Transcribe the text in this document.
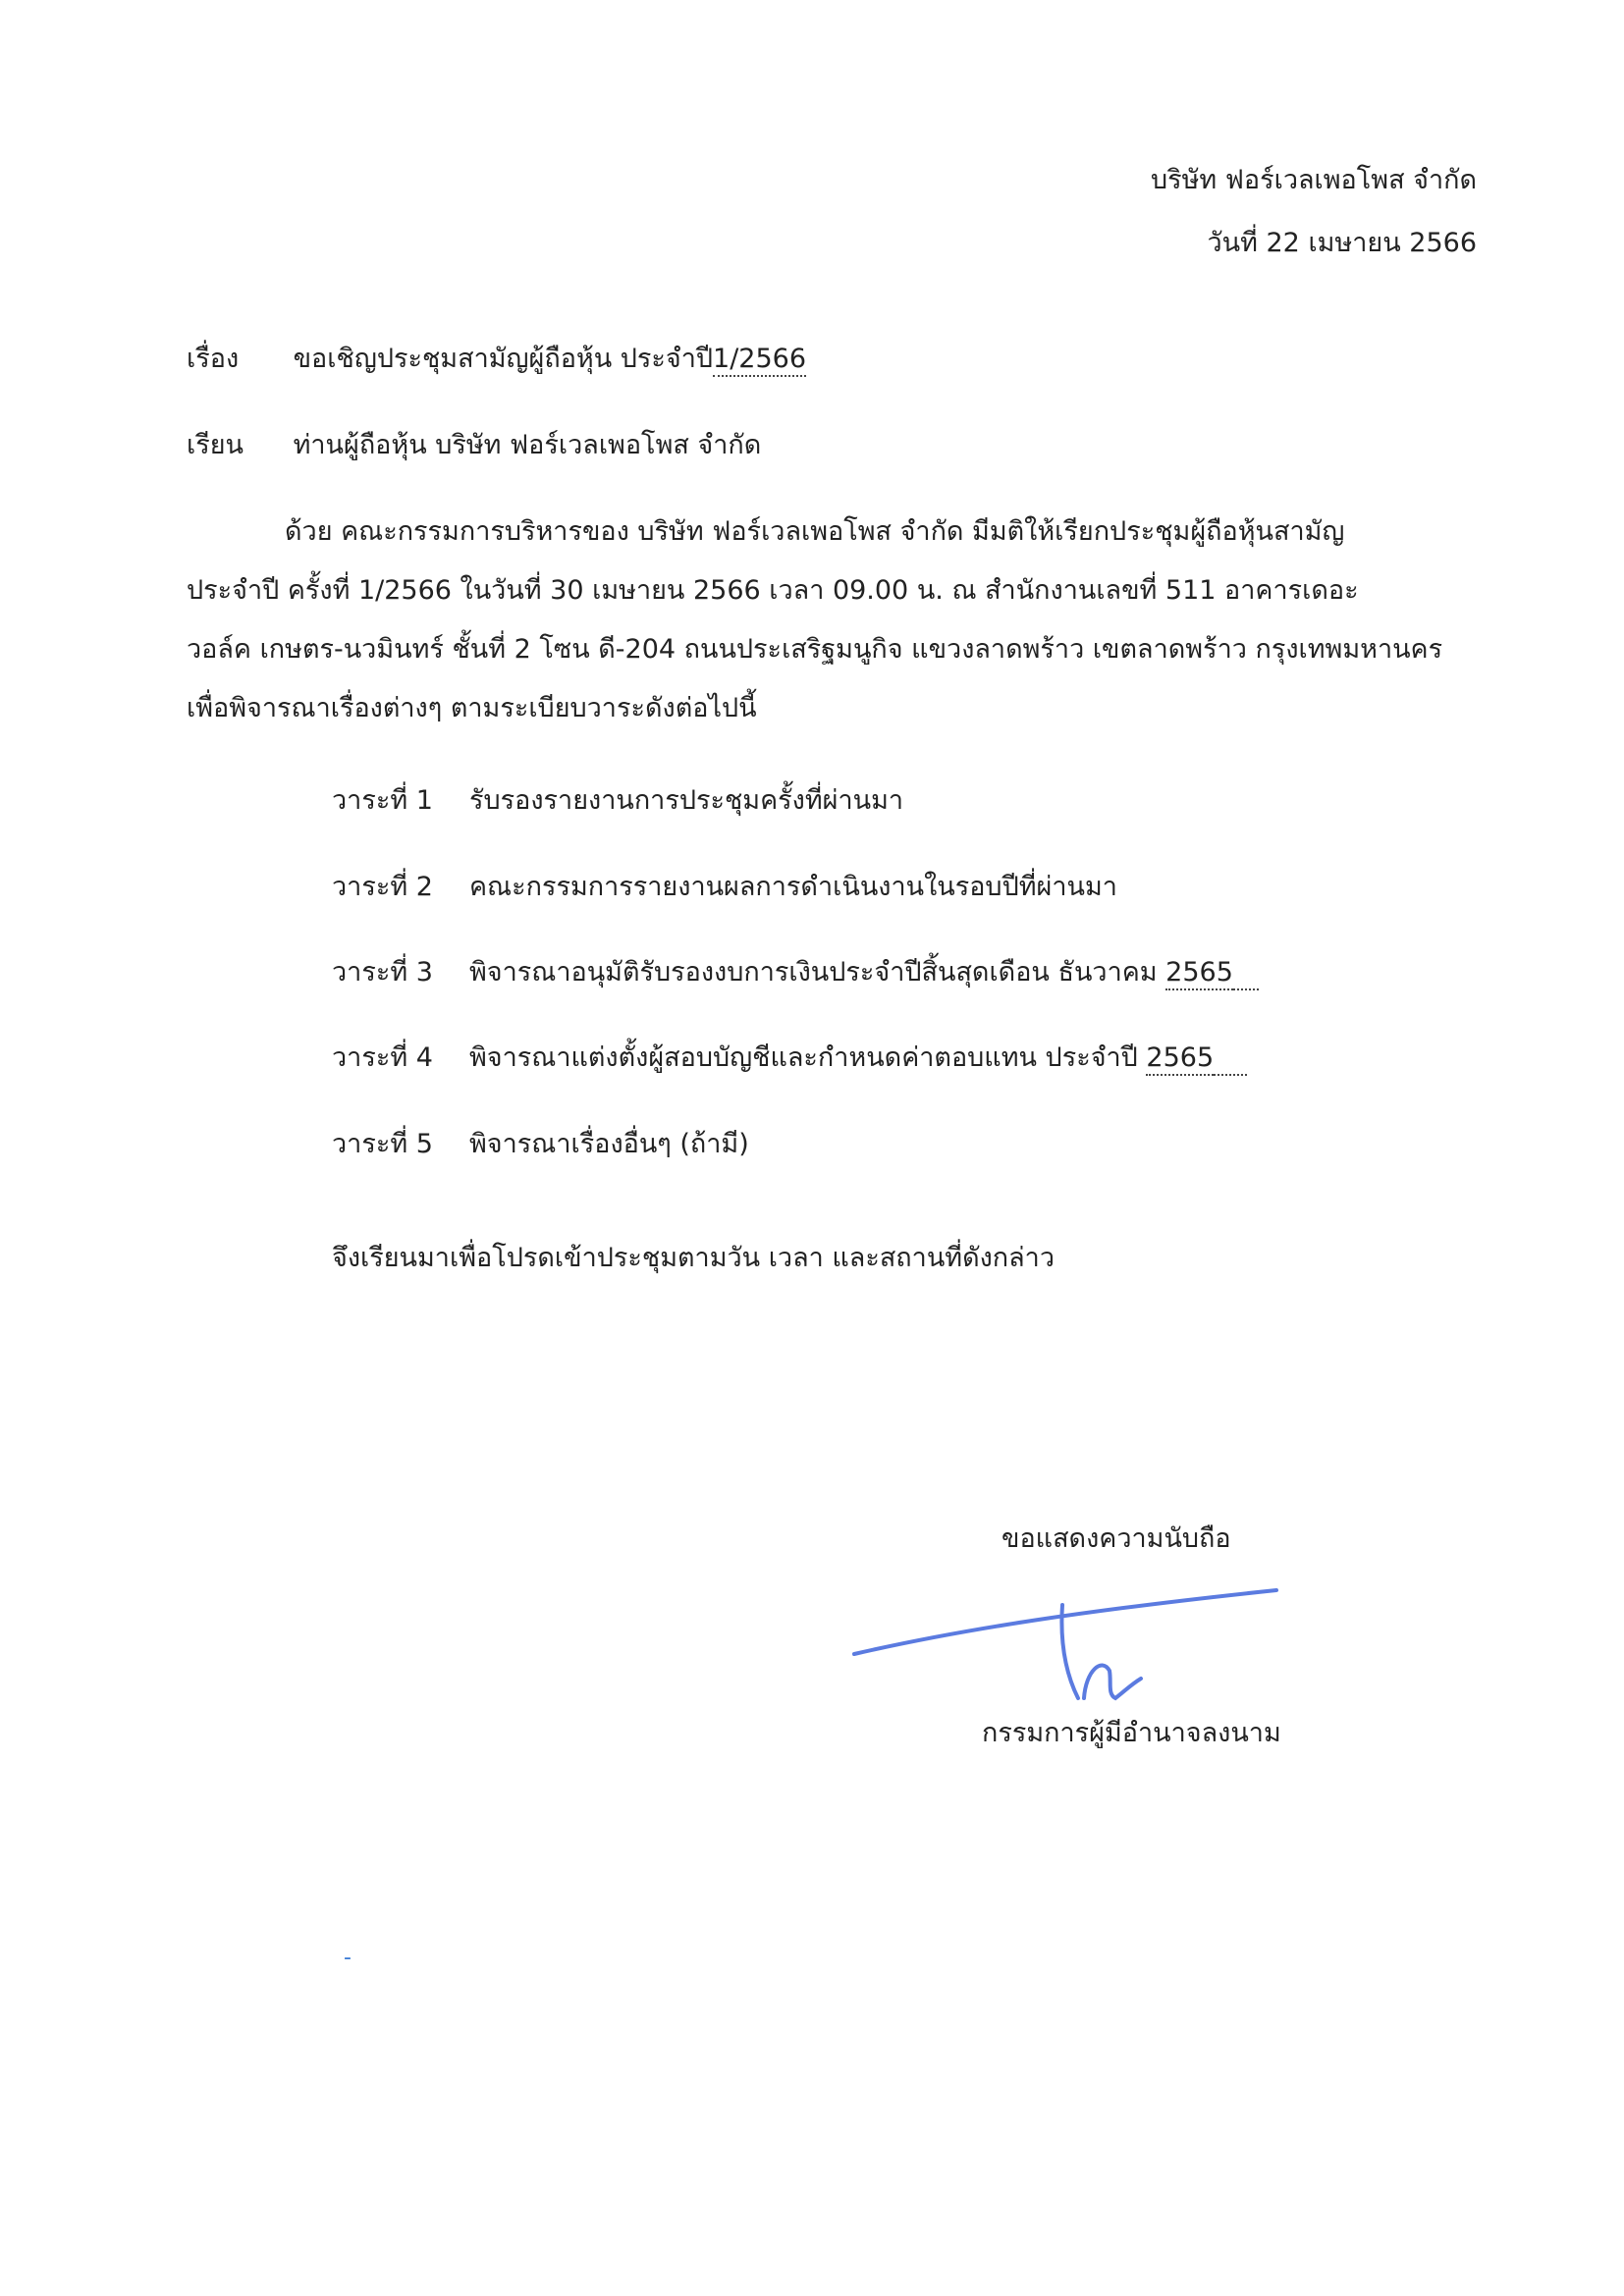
บริษัท ฟอร์เวลเพอโพส จำกัด
วันที่ 22 เมษายน 2566
เรื่อง ขอเชิญประชุมสามัญผู้ถือหุ้น ประจำปี1/2566
เรียน ท่านผู้ถือหุ้น บริษัท ฟอร์เวลเพอโพส จำกัด
ด้วย คณะกรรมการบริหารของ บริษัท ฟอร์เวลเพอโพส จำกัด มีมติให้เรียกประชุมผู้ถือหุ้นสามัญ
ประจำปี ครั้งที่ 1/2566 ในวันที่ 30 เมษายน 2566 เวลา 09.00 น. ณ สำนักงานเลขที่ 511 อาคารเดอะ
วอล์ค เกษตร-นวมินทร์ ชั้นที่ 2 โซน ดี-204 ถนนประเสริฐมนูกิจ แขวงลาดพร้าว เขตลาดพร้าว กรุงเทพมหานคร
เพื่อพิจารณาเรื่องต่างๆ ตามระเบียบวาระดังต่อไปนี้
วาระที่ 1 รับรองรายงานการประชุมครั้งที่ผ่านมา
วาระที่ 2 คณะกรรมการรายงานผลการดำเนินงานในรอบปีที่ผ่านมา
วาระที่ 3 พิจารณาอนุมัติรับรองงบการเงินประจำปีสิ้นสุดเดือน ธันวาคม 2565
วาระที่ 4 พิจารณาแต่งตั้งผู้สอบบัญชีและกำหนดค่าตอบแทน ประจำปี 2565
วาระที่ 5 พิจารณาเรื่องอื่นๆ (ถ้ามี)
จึงเรียนมาเพื่อโปรดเข้าประชุมตามวัน เวลา และสถานที่ดังกล่าว
ขอแสดงความนับถือ
กรรมการผู้มีอำนาจลงนาม
-
